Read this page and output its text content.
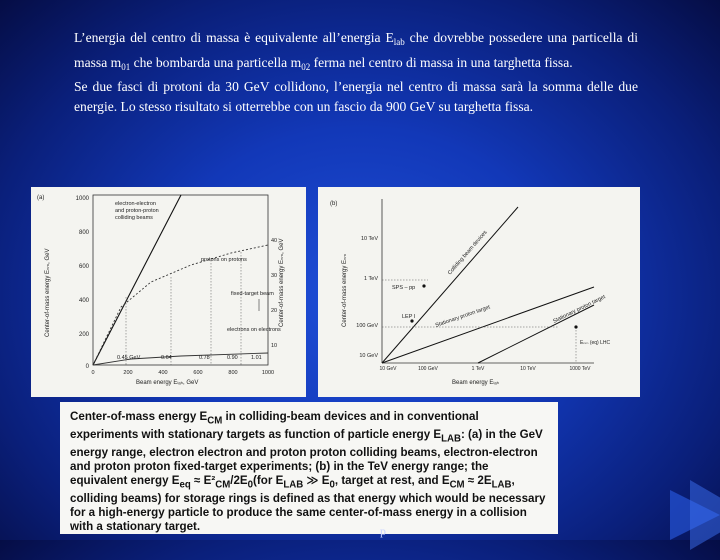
L’energia del centro di massa è equivalente all’energia $E_{lab}$ che dovrebbe possedere una particella di massa $m_{01}$ che bombarda una particella $m_{02}$ ferma nel centro di massa in una targhetta fissa.

Se due fasci di protoni da 30 GeV collidono, l’energia nel centro di massa sarà la somma delle due energie. Lo stesso risultato si otterrebbe con un fascio da 900 GeV su targhetta fissa.

(a)	1000
800
600
400
200
0
Center-of-mass energy Eₙₘ, GeV	Center-of-mass energy Eₙₘ, GeV
40
30
20
10
electron-electron
and proton-proton
colliding beams
protons on protons
fixed-target beam
electrons on electrons
0.45 GeV	0.64	0.78	0.90 1.01
0	200	400	600	800	1000
Beam energy Eₗₐₕ, GeV
(b)
10 TeV
1 TeV
100 GeV
10 GeV
Center-of-mass energy Eₙₘ
Colliding beam devices
Stationary proton target	Stationary proton target
SPS – pp
LEP I
Eₙₘ (eq) LHC
10 GeV	100 GeV	1 TeV	10 TeV	1000 TeV
Beam energy Eₗₐₕ

Center-of-mass energy $E_{CM}$ in colliding-beam devices and in conventional experiments with stationary targets as function of particle energy $E_{LAB}$: (a) in the GeV energy range, electron electron and proton proton colliding beams, electron-electron and proton proton fixed-target experiments; (b) in the TeV energy range; the equivalent energy $E_{eq} \approx E^2_{CM}/2E_0(for$ $E_{LAB}$ ≫ $E_0$, target at rest, and $E_{CM} \approx 2E_{LAB}$, colliding beams) for storage rings is defined as that energy which would be necessary for a high-energy particle to produce the same center-of-mass energy in a collision with a stationary target.	p
